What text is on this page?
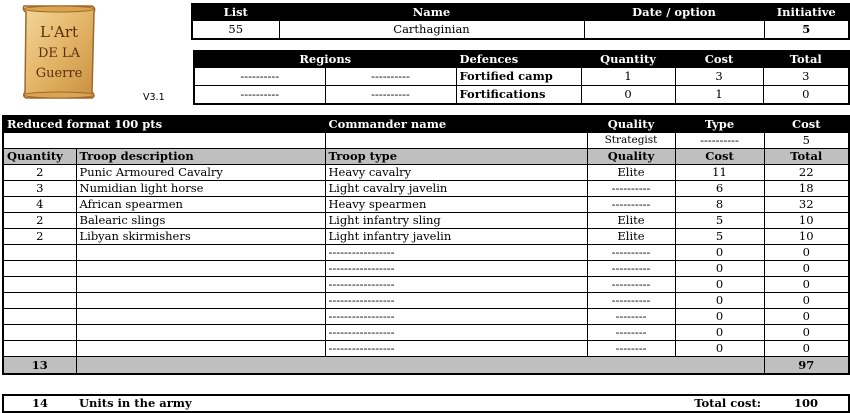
L'Art
DE LA
Guerre
V3.1
List	Name	Date / option	Initiative
55	Carthaginian		5
Regions		Defences	Quantity	Cost	Total
----------	----------	Fortified camp	1	3	3
----------	----------	Fortifications	0	1	0
Reduced format 100 pts		Commander name	Quality	Type	Cost
			Strategist	----------	5
Quantity	Troop description	Troop type	Quality	Cost	Total
2	Punic Armoured Cavalry	Heavy cavalry	Elite	11	22
3	Numidian light horse	Light cavalry javelin	----------	6	18
4	African spearmen	Heavy spearmen	----------	8	32
2	Balearic slings	Light infantry sling	Elite	5	10
2	Libyan skirmishers	Light infantry javelin	Elite	5	10
		-----------------	----------	0	0
		-----------------	----------	0	0
		-----------------	----------	0	0
		-----------------	----------	0	0
		-----------------	--------	0	0
		-----------------	--------	0	0
		-----------------	--------	0	0
13					97
14	Units in the army	Total cost:	100
